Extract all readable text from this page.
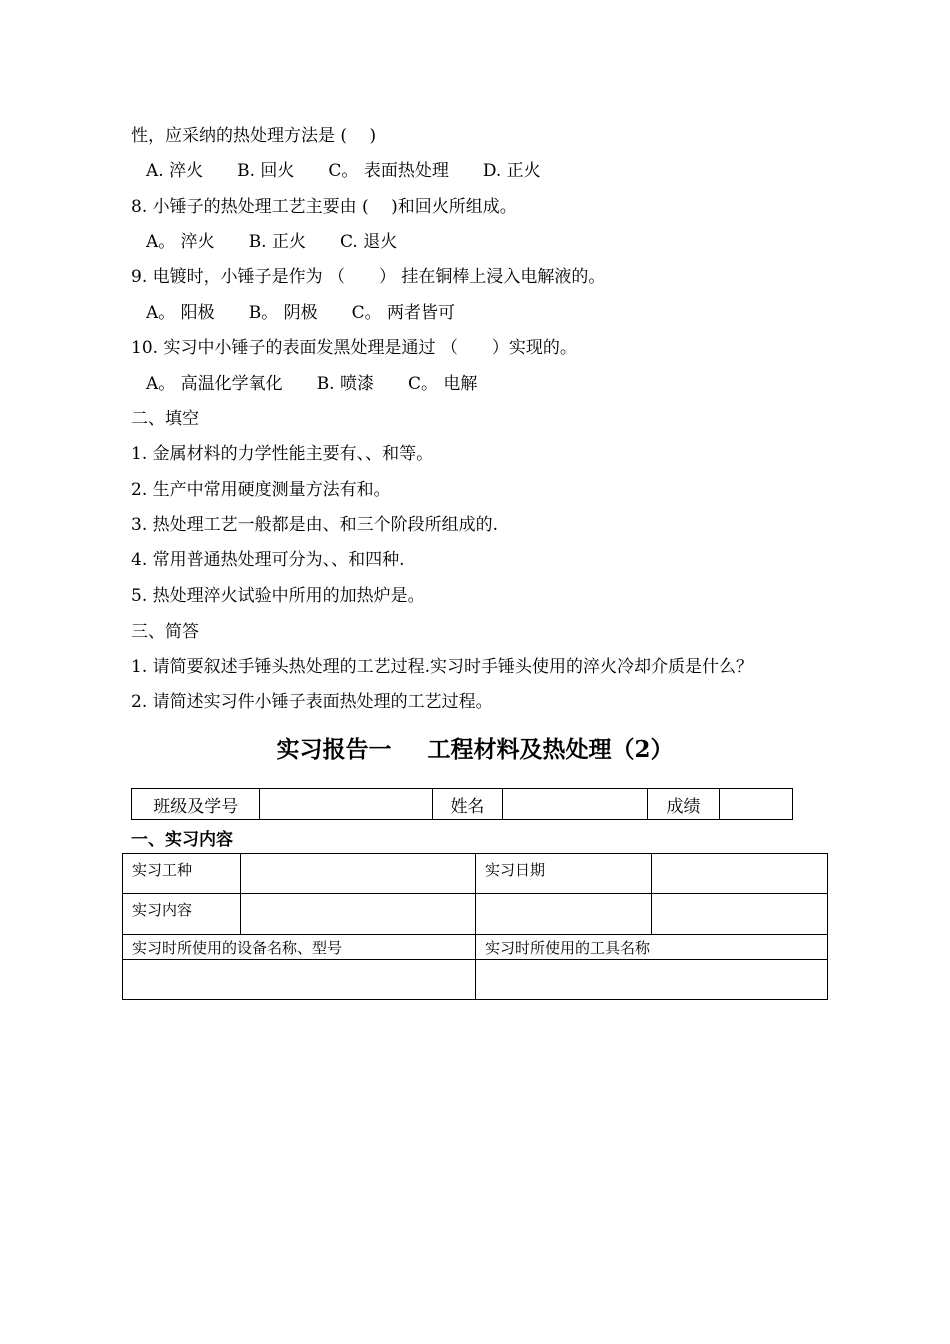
性，应采纳的热处理方法是 (　 )
A. 淬火 B. 回火 C。 表面热处理 D. 正火
8. 小锤子的热处理工艺主要由 (　 )和回火所组成。
A。 淬火 B. 正火 C. 退火
9. 电镀时，小锤子是作为 （　　） 挂在铜棒上浸入电解液的。
A。 阳极 B。 阴极 C。 两者皆可
10. 实习中小锤子的表面发黑处理是通过 （　　）实现的。
A。 高温化学氧化 B. 喷漆 C。 电解
二、填空
1. 金属材料的力学性能主要有、、和等。
2. 生产中常用硬度测量方法有和。
3. 热处理工艺一般都是由、和三个阶段所组成的.
4. 常用普通热处理可分为、、和四种.
5. 热处理淬火试验中所用的加热炉是。
三、简答
1. 请简要叙述手锤头热处理的工艺过程.实习时手锤头使用的淬火冷却介质是什么？
2. 请简述实习件小锤子表面热处理的工艺过程。
实习报告一 工程材料及热处理（2）
班级及学号		姓名		成绩	
一、实习内容
实习工种		实习日期	
实习内容			
实习时所使用的设备名称、型号		实习时所使用的工具名称	
